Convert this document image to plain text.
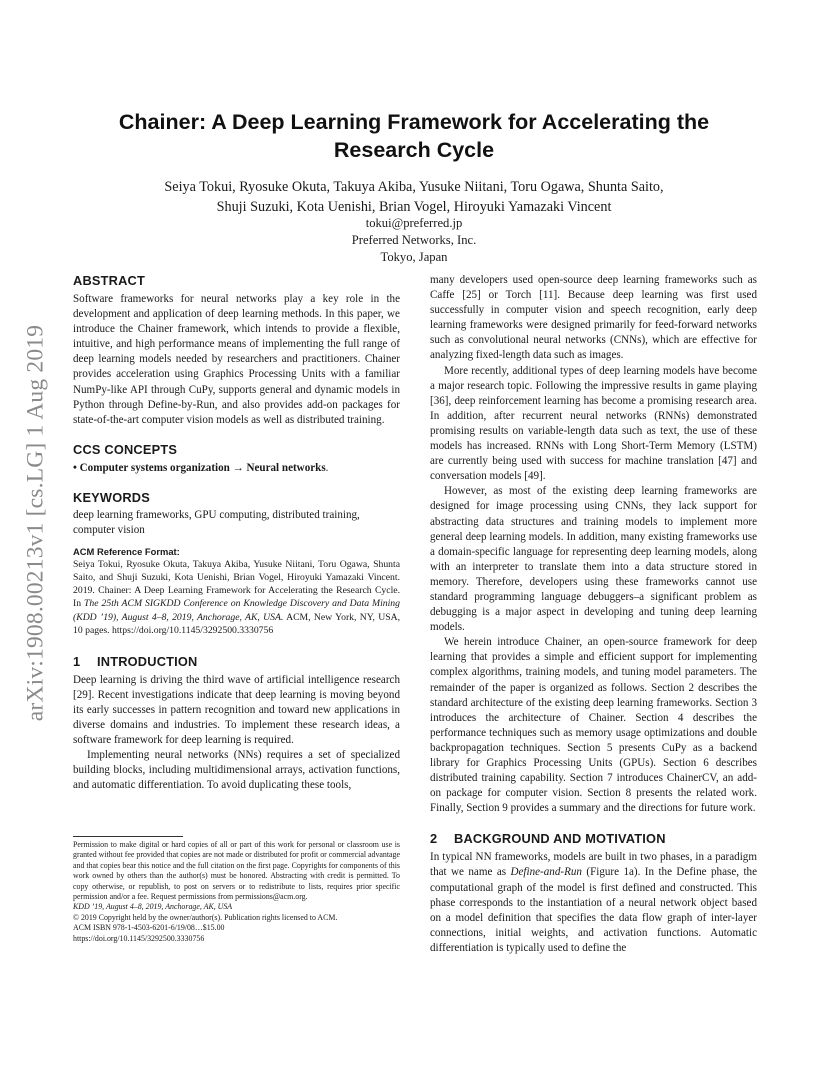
arXiv:1908.00213v1 [cs.LG] 1 Aug 2019
Chainer: A Deep Learning Framework for Accelerating the
Research Cycle
Seiya Tokui, Ryosuke Okuta, Takuya Akiba, Yusuke Niitani, Toru Ogawa, Shunta Saito,
Shuji Suzuki, Kota Uenishi, Brian Vogel, Hiroyuki Yamazaki Vincent
tokui@preferred.jp
Preferred Networks, Inc.
Tokyo, Japan
ABSTRACT

Software frameworks for neural networks play a key role in the development and application of deep learning methods. In this paper, we introduce the Chainer framework, which intends to provide a flexible, intuitive, and high performance means of implementing the full range of deep learning models needed by researchers and practitioners. Chainer provides acceleration using Graphics Processing Units with a familiar NumPy-like API through CuPy, supports general and dynamic models in Python through Define-by-Run, and also provides add-on packages for state-of-the-art computer vision models as well as distributed training.

CCS CONCEPTS

• Computer systems organization → Neural networks.

KEYWORDS

deep learning frameworks, GPU computing, distributed training, computer vision

ACM Reference Format:

Seiya Tokui, Ryosuke Okuta, Takuya Akiba, Yusuke Niitani, Toru Ogawa, Shunta Saito, and Shuji Suzuki, Kota Uenishi, Brian Vogel, Hiroyuki Yamazaki Vincent. 2019. Chainer: A Deep Learning Framework for Accelerating the Research Cycle. In The 25th ACM SIGKDD Conference on Knowledge Discovery and Data Mining (KDD ’19), August 4–8, 2019, Anchorage, AK, USA. ACM, New York, NY, USA, 10 pages. https://doi.org/10.1145/3292500.3330756

1 INTRODUCTION

Deep learning is driving the third wave of artificial intelligence research [29]. Recent investigations indicate that deep learning is moving beyond its early successes in pattern recognition and toward new applications in diverse domains and industries. To implement these research ideas, a software framework for deep learning is required.

Implementing neural networks (NNs) requires a set of specialized building blocks, including multidimensional arrays, activation functions, and automatic differentiation. To avoid duplicating these tools,

Permission to make digital or hard copies of all or part of this work for personal or classroom use is granted without fee provided that copies are not made or distributed for profit or commercial advantage and that copies bear this notice and the full citation on the first page. Copyrights for components of this work owned by others than the author(s) must be honored. Abstracting with credit is permitted. To copy otherwise, or republish, to post on servers or to redistribute to lists, requires prior specific permission and/or a fee. Request permissions from permissions@acm.org.

KDD ’19, August 4–8, 2019, Anchorage, AK, USA

© 2019 Copyright held by the owner/author(s). Publication rights licensed to ACM.

ACM ISBN 978-1-4503-6201-6/19/08…$15.00

https://doi.org/10.1145/3292500.3330756

many developers used open-source deep learning frameworks such as Caffe [25] or Torch [11]. Because deep learning was first used successfully in computer vision and speech recognition, early deep learning frameworks were designed primarily for feed-forward networks such as convolutional neural networks (CNNs), which are effective for analyzing fixed-length data such as images.

More recently, additional types of deep learning models have become a major research topic. Following the impressive results in game playing [36], deep reinforcement learning has become a promising research area. In addition, after recurrent neural networks (RNNs) demonstrated promising results on variable-length data such as text, the use of these models has increased. RNNs with Long Short-Term Memory (LSTM) are currently being used with success for machine translation [47] and conversation models [49].

However, as most of the existing deep learning frameworks are designed for image processing using CNNs, they lack support for abstracting data structures and training models to implement more general deep learning models. In addition, many existing frameworks use a domain-specific language for representing deep learning models, along with an interpreter to translate them into a data structure stored in memory. Therefore, developers using these frameworks cannot use standard programming language debuggers–a significant problem as debugging is a major aspect in developing and tuning deep learning models.

We herein introduce Chainer, an open-source framework for deep learning that provides a simple and efficient support for implementing complex algorithms, training models, and tuning model parameters. The remainder of the paper is organized as follows. Section 2 describes the standard architecture of the existing deep learning frameworks. Section 3 introduces the architecture of Chainer. Section 4 describes the performance techniques such as memory usage optimizations and double backpropagation techniques. Section 5 presents CuPy as a backend library for Graphics Processing Units (GPUs). Section 6 describes distributed training capability. Section 7 introduces ChainerCV, an add-on package for computer vision. Section 8 presents the related work. Finally, Section 9 provides a summary and the directions for future work.

2 BACKGROUND AND MOTIVATION

In typical NN frameworks, models are built in two phases, in a paradigm that we name as Define-and-Run (Figure 1a). In the Define phase, the computational graph of the model is first defined and constructed. This phase corresponds to the instantiation of a neural network object based on a model definition that specifies the data flow graph of inter-layer connections, initial weights, and activation functions. Automatic differentiation is typically used to define the
